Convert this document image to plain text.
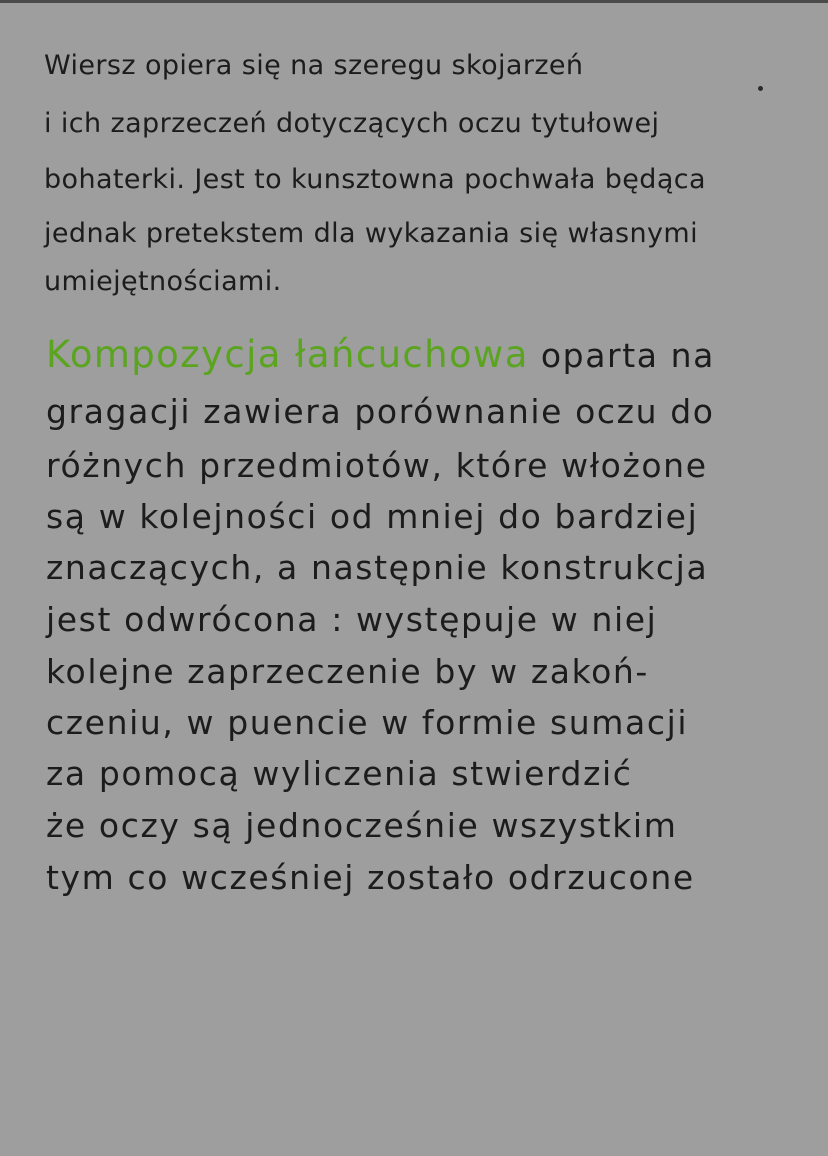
Wiersz opiera się na szeregu skojarzeń
i ich zaprzeczeń dotyczących oczu tytułowej
bohaterki. Jest to kunsztowna pochwała będąca
jednak pretekstem dla wykazania się własnymi
umiejętnościami.
Kompozycja łańcuchowa oparta na
gragacji zawiera porównanie oczu do
różnych przedmiotów, które włożone
są w kolejności od mniej do bardziej
znaczących, a następnie konstrukcja
jest odwrócona : występuje w niej
kolejne zaprzeczenie by w zakoń-
czeniu, w puencie w formie sumacji
za pomocą wyliczenia stwierdzić
że oczy są jednocześnie wszystkim
tym co wcześniej zostało odrzucone
